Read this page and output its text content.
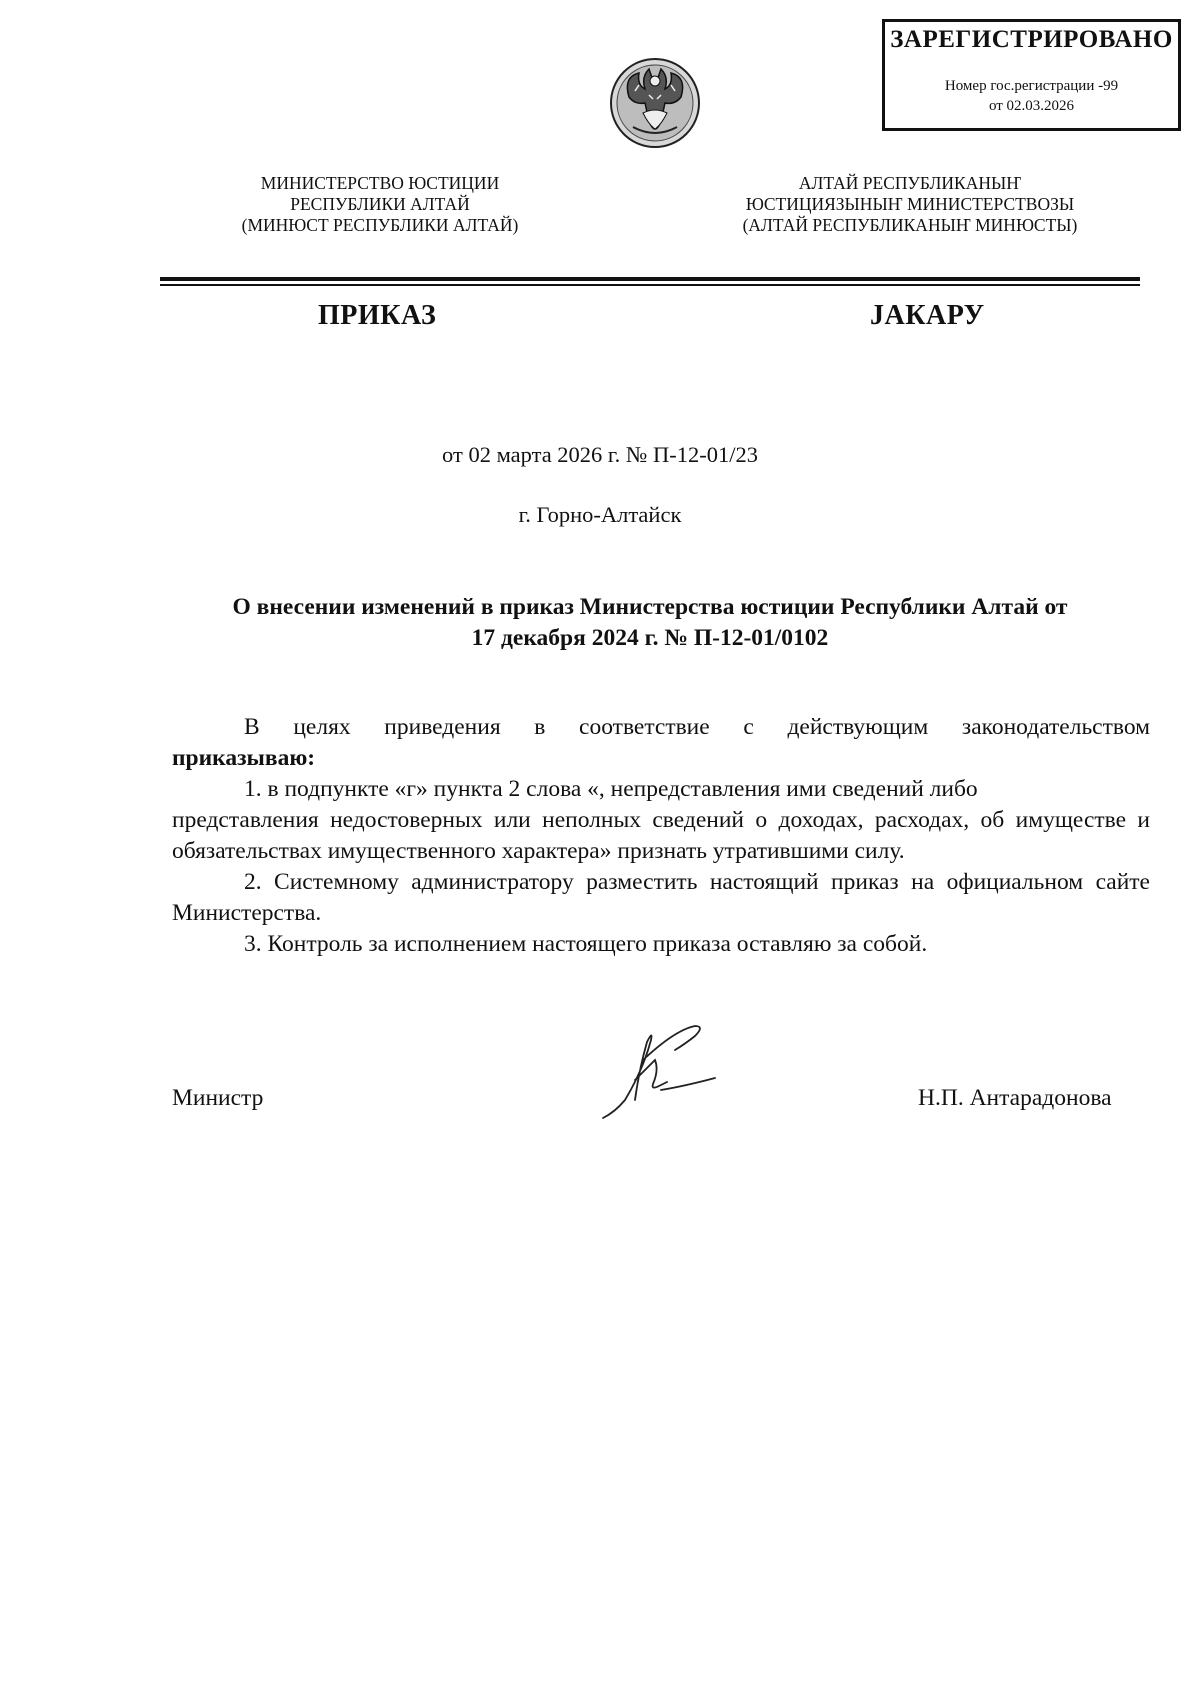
ЗАРЕГИСТРИРОВАНО
Номер гос.регистрации -99
от 02.03.2026
МИНИСТЕРСТВО ЮСТИЦИИ
РЕСПУБЛИКИ АЛТАЙ
(МИНЮСТ РЕСПУБЛИКИ АЛТАЙ)
АЛТАЙ РЕСПУБЛИКАНЫҤ
ЮСТИЦИЯЗЫНЫҤ МИНИСТЕРСТВОЗЫ
(АЛТАЙ РЕСПУБЛИКАНЫҤ МИНЮСТЫ)
ПРИКАЗ	ЈАКАРУ
от 02 марта 2026 г. № П-12-01/23
г. Горно-Алтайск
О внесении изменений в приказ Министерства юстиции Республики Алтай от
17 декабря 2024 г. № П-12-01/0102

В целях приведения в соответствие с действующим законодательством

приказываю:

1. в подпункте «г» пункта 2 слова «, непредставления ими сведений либо

представления недостоверных или неполных сведений о доходах, расходах, об имуществе и обязательствах имущественного характера» признать утратившими силу.

2. Системному администратору разместить настоящий приказ на официальном сайте Министерства.

3. Контроль за исполнением настоящего приказа оставляю за собой.

Министр	Н.П. Антарадонова
